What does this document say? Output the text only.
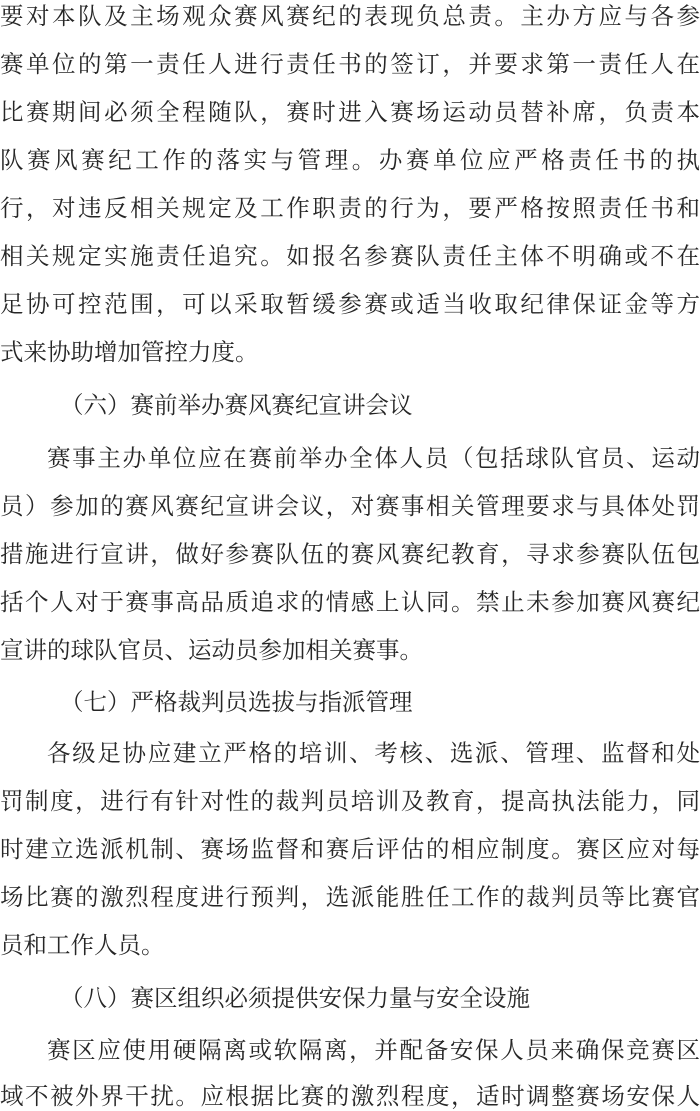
要对本队及主场观众赛风赛纪的表现负总责。主办方应与各参
赛单位的第一责任人进行责任书的签订，并要求第一责任人在
比赛期间必须全程随队，赛时进入赛场运动员替补席，负责本
队赛风赛纪工作的落实与管理。办赛单位应严格责任书的执
行，对违反相关规定及工作职责的行为，要严格按照责任书和
相关规定实施责任追究。如报名参赛队责任主体不明确或不在
足协可控范围，可以采取暂缓参赛或适当收取纪律保证金等方
式来协助增加管控力度。
（六）赛前举办赛风赛纪宣讲会议
赛事主办单位应在赛前举办全体人员（包括球队官员、运动
员）参加的赛风赛纪宣讲会议，对赛事相关管理要求与具体处罚
措施进行宣讲，做好参赛队伍的赛风赛纪教育，寻求参赛队伍包
括个人对于赛事高品质追求的情感上认同。禁止未参加赛风赛纪
宣讲的球队官员、运动员参加相关赛事。
（七）严格裁判员选拔与指派管理
各级足协应建立严格的培训、考核、选派、管理、监督和处
罚制度，进行有针对性的裁判员培训及教育，提高执法能力，同
时建立选派机制、赛场监督和赛后评估的相应制度。赛区应对每
场比赛的激烈程度进行预判，选派能胜任工作的裁判员等比赛官
员和工作人员。
（八）赛区组织必须提供安保力量与安全设施
赛区应使用硬隔离或软隔离，并配备安保人员来确保竞赛区
域不被外界干扰。应根据比赛的激烈程度，适时调整赛场安保人
